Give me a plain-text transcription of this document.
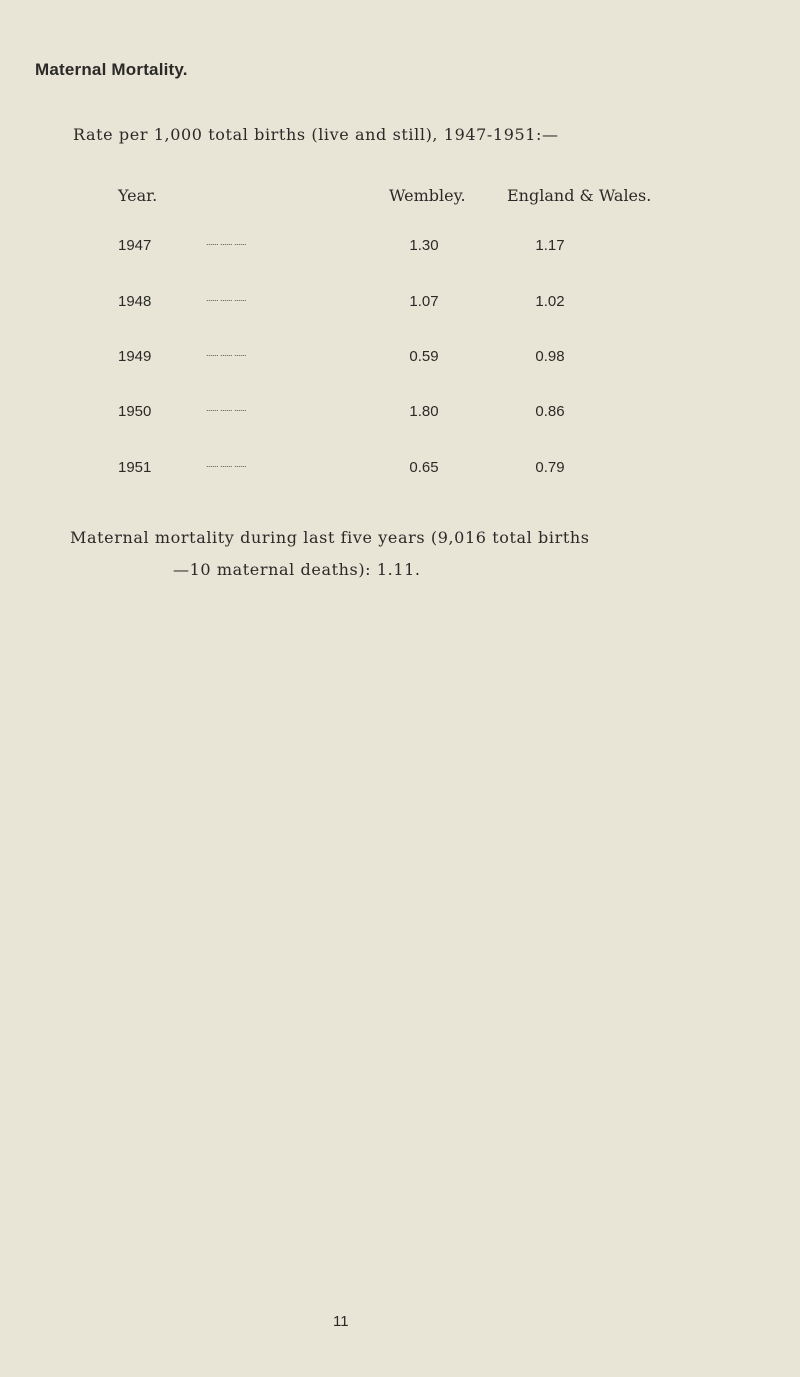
Maternal Mortality.
Rate per 1,000 total births (live and still), 1947-1951:—
Year.	Wembley.	England & Wales.
1947	...... ...... ......	1.30	1.17
1948	...... ...... ......	1.07	1.02
1949	...... ...... ......	0.59	0.98
1950	...... ...... ......	1.80	0.86
1951	...... ...... ......	0.65	0.79
Maternal mortality during last five years (9,016 total births
—10 maternal deaths): 1.11.
11
